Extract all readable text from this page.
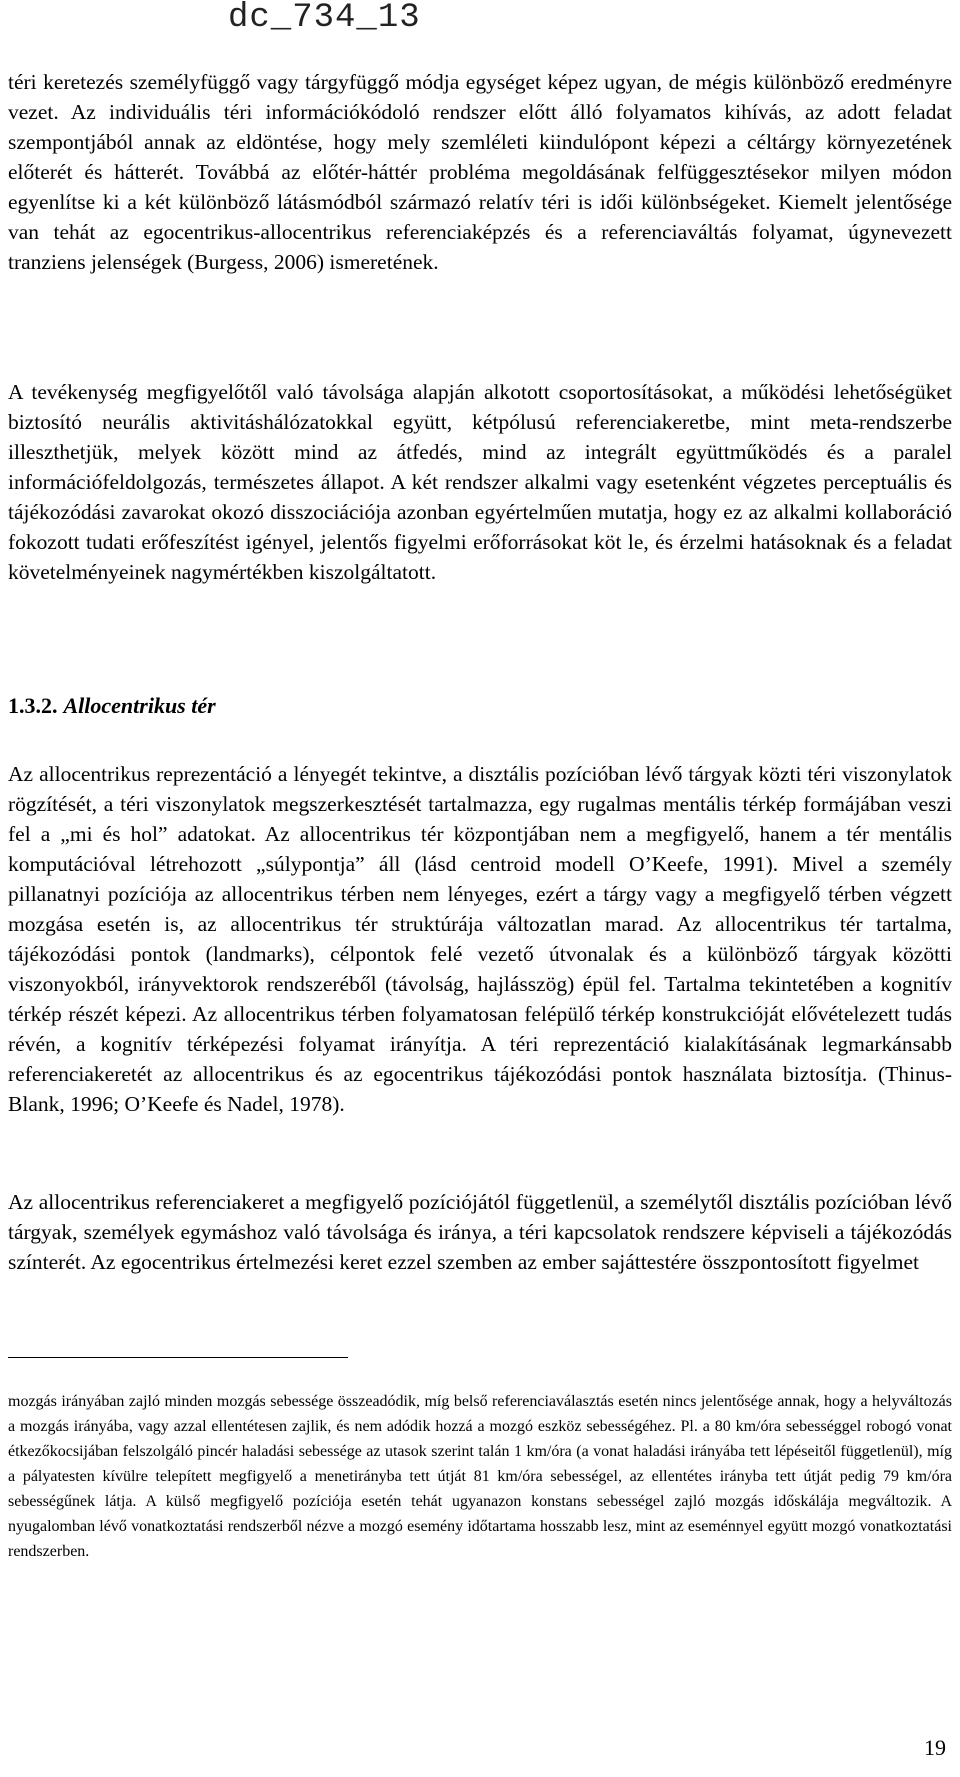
dc_734_13

téri keretezés személyfüggő vagy tárgyfüggő módja egységet képez ugyan, de mégis különböző eredményre vezet. Az individuális téri információkódoló rendszer előtt álló folyamatos kihívás, az adott feladat szempontjából annak az eldöntése, hogy mely szemléleti kiindulópont képezi a céltárgy környezetének előterét és hátterét. Továbbá az előtér-háttér probléma megoldásának felfüggesztésekor milyen módon egyenlítse ki a két különböző látásmódból származó relatív téri is idői különbségeket. Kiemelt jelentősége van tehát az egocentrikus-allocentrikus referenciaképzés és a referenciaváltás folyamat, úgynevezett tranziens jelenségek (Burgess, 2006) ismeretének.

A tevékenység megfigyelőtől való távolsága alapján alkotott csoportosításokat, a működési lehetőségüket biztosító neurális aktivitáshálózatokkal együtt, kétpólusú referenciakeretbe, mint meta-rendszerbe illeszthetjük, melyek között mind az átfedés, mind az integrált együttműködés és a paralel információfeldolgozás, természetes állapot. A két rendszer alkalmi vagy esetenként végzetes perceptuális és tájékozódási zavarokat okozó disszociációja azonban egyértelműen mutatja, hogy ez az alkalmi kollaboráció fokozott tudati erőfeszítést igényel, jelentős figyelmi erőforrásokat köt le, és érzelmi hatásoknak és a feladat követelményeinek nagymértékben kiszolgáltatott.

1.3.2. Allocentrikus tér

Az allocentrikus reprezentáció a lényegét tekintve, a disztális pozícióban lévő tárgyak közti téri viszonylatok rögzítését, a téri viszonylatok megszerkesztését tartalmazza, egy rugalmas mentális térkép formájában veszi fel a „mi és hol” adatokat. Az allocentrikus tér központjában nem a megfigyelő, hanem a tér mentális komputációval létrehozott „súlypontja” áll (lásd centroid modell O’Keefe, 1991). Mivel a személy pillanatnyi pozíciója az allocentrikus térben nem lényeges, ezért a tárgy vagy a megfigyelő térben végzett mozgása esetén is, az allocentrikus tér struktúrája változatlan marad. Az allocentrikus tér tartalma, tájékozódási pontok (landmarks), célpontok felé vezető útvonalak és a különböző tárgyak közötti viszonyokból, irányvektorok rendszeréből (távolság, hajlásszög) épül fel. Tartalma tekintetében a kognitív térkép részét képezi. Az allocentrikus térben folyamatosan felépülő térkép konstrukcióját elővételezett tudás révén, a kognitív térképezési folyamat irányítja. A téri reprezentáció kialakításának legmarkánsabb referenciakeretét az allocentrikus és az egocentrikus tájékozódási pontok használata biztosítja. (Thinus-Blank, 1996; O’Keefe és Nadel, 1978).

Az allocentrikus referenciakeret a megfigyelő pozíciójától függetlenül, a személytől disztális pozícióban lévő tárgyak, személyek egymáshoz való távolsága és iránya, a téri kapcsolatok rendszere képviseli a tájékozódás színterét. Az egocentrikus értelmezési keret ezzel szemben az ember sajáttestére összpontosított figyelmet

mozgás irányában zajló minden mozgás sebessége összeadódik, míg belső referenciaválasztás esetén nincs jelentősége annak, hogy a helyváltozás a mozgás irányába, vagy azzal ellentétesen zajlik, és nem adódik hozzá a mozgó eszköz sebességéhez. Pl. a 80 km/óra sebességgel robogó vonat étkezőkocsijában felszolgáló pincér haladási sebessége az utasok szerint talán 1 km/óra (a vonat haladási irányába tett lépéseitől függetlenül), míg a pályatesten kívülre telepített megfigyelő a menetirányba tett útját 81 km/óra sebességel, az ellentétes irányba tett útját pedig 79 km/óra sebességűnek látja. A külső megfigyelő pozíciója esetén tehát ugyanazon konstans sebességel zajló mozgás időskálája megváltozik. A nyugalomban lévő vonatkoztatási rendszerből nézve a mozgó esemény időtartama hosszabb lesz, mint az eseménnyel együtt mozgó vonatkoztatási rendszerben.

19
